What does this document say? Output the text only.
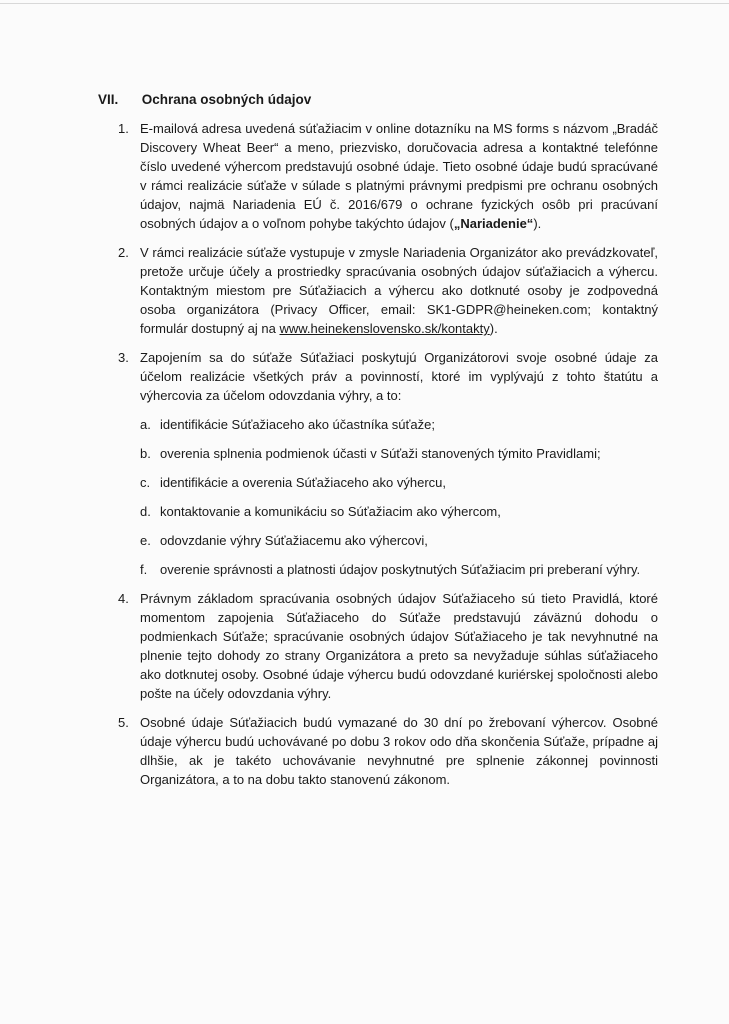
VII. Ochrana osobných údajov
1. E-mailová adresa uvedená súťažiacim v online dotazníku na MS forms s názvom „Bradáč Discovery Wheat Beer“ a meno, priezvisko, doručovacia adresa a kontaktné telefónne číslo uvedené výhercom predstavujú osobné údaje. Tieto osobné údaje budú spracúvané v rámci realizácie súťaže v súlade s platnými právnymi predpismi pre ochranu osobných údajov, najmä Nariadenia EÚ č. 2016/679 o ochrane fyzických osôb pri pracúvaní osobných údajov a o voľnom pohybe takýchto údajov („Nariadenie“).

2. V rámci realizácie súťaže vystupuje v zmysle Nariadenia Organizátor ako prevádzkovateľ, pretože určuje účely a prostriedky spracúvania osobných údajov súťažiacich a výhercu. Kontaktným miestom pre Súťažiacich a výhercu ako dotknuté osoby je zodpovedná osoba organizátora (Privacy Officer, email: SK1-GDPR@heineken.com; kontaktný formulár dostupný aj na www.heinekenslovensko.sk/kontakty).

3. Zapojením sa do súťaže Súťažiaci poskytujú Organizátorovi svoje osobné údaje za účelom realizácie všetkých práv a povinností, ktoré im vyplývajú z tohto štatútu a výhercovia za účelom odovzdania výhry, a to:

a. identifikácie Súťažiaceho ako účastníka súťaže;
b. overenia splnenia podmienok účasti v Súťaži stanovených týmito Pravidlami;
c. identifikácie a overenia Súťažiaceho ako výhercu,
d. kontaktovanie a komunikáciu so Súťažiacim ako výhercom,
e. odovzdanie výhry Súťažiacemu ako výhercovi,
f. overenie správnosti a platnosti údajov poskytnutých Súťažiacim pri preberaní výhry.
4. Právnym základom spracúvania osobných údajov Súťažiaceho sú tieto Pravidlá, ktoré momentom zapojenia Súťažiaceho do Súťaže predstavujú záväznú dohodu o podmienkach Súťaže; spracúvanie osobných údajov Súťažiaceho je tak nevyhnutné na plnenie tejto dohody zo strany Organizátora a preto sa nevyžaduje súhlas súťažiaceho ako dotknutej osoby. Osobné údaje výhercu budú odovzdané kuriérskej spoločnosti alebo pošte na účely odovzdania výhry.

5. Osobné údaje Súťažiacich budú vymazané do 30 dní po žrebovaní výhercov. Osobné údaje výhercu budú uchovávané po dobu 3 rokov odo dňa skončenia Súťaže, prípadne aj dlhšie, ak je takéto uchovávanie nevyhnutné pre splnenie zákonnej povinnosti Organizátora, a to na dobu takto stanovenú zákonom.
